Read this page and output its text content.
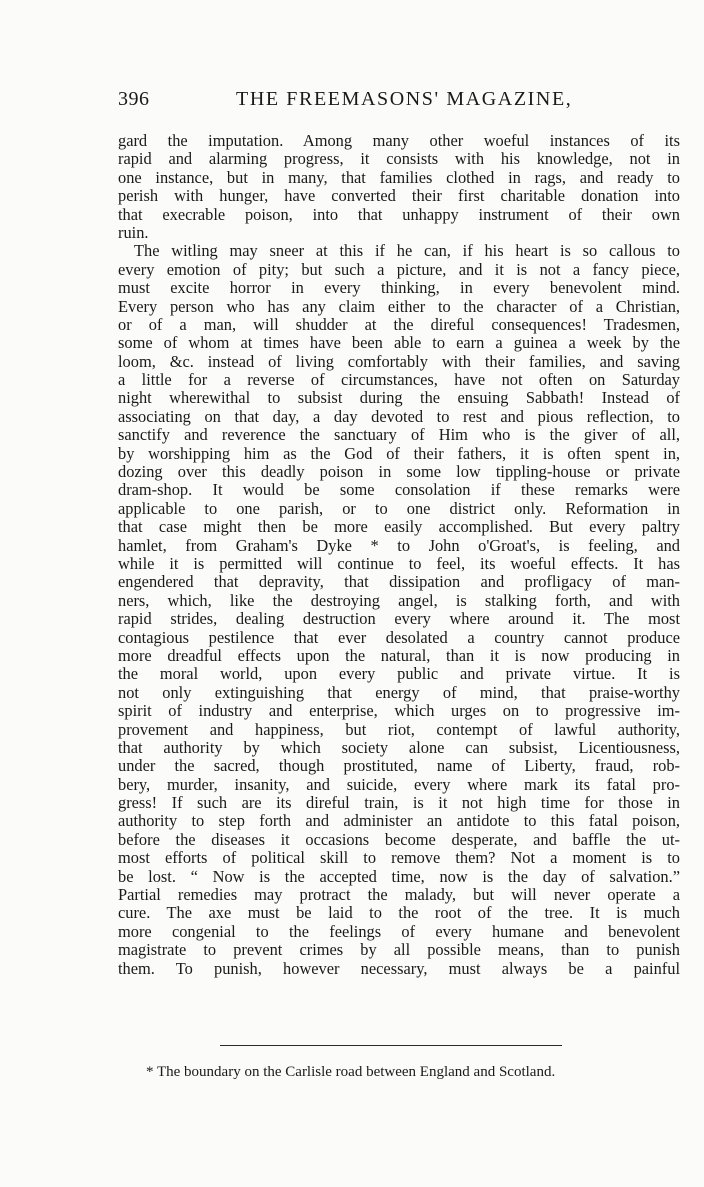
396	THE FREEMASONS' MAGAZINE,
gard the imputation. Among many other woeful instances of its
rapid and alarming progress, it consists with his knowledge, not in
one instance, but in many, that families clothed in rags, and ready to
perish with hunger, have converted their first charitable donation into
that execrable poison, into that unhappy instrument of their own
ruin.
The witling may sneer at this if he can, if his heart is so callous to
every emotion of pity; but such a picture, and it is not a fancy piece,
must excite horror in every thinking, in every benevolent mind.
Every person who has any claim either to the character of a Christian,
or of a man, will shudder at the direful consequences! Tradesmen,
some of whom at times have been able to earn a guinea a week by the
loom, &c. instead of living comfortably with their families, and saving
a little for a reverse of circumstances, have not often on Saturday
night wherewithal to subsist during the ensuing Sabbath! Instead of
associating on that day, a day devoted to rest and pious reflection, to
sanctify and reverence the sanctuary of Him who is the giver of all,
by worshipping him as the God of their fathers, it is often spent in,
dozing over this deadly poison in some low tippling-house or private
dram-shop. It would be some consolation if these remarks were
applicable to one parish, or to one district only. Reformation in
that case might then be more easily accomplished. But every paltry
hamlet, from Graham's Dyke * to John o'Groat's, is feeling, and
while it is permitted will continue to feel, its woeful effects. It has
engendered that depravity, that dissipation and profligacy of man-
ners, which, like the destroying angel, is stalking forth, and with
rapid strides, dealing destruction every where around it. The most
contagious pestilence that ever desolated a country cannot produce
more dreadful effects upon the natural, than it is now producing in
the moral world, upon every public and private virtue. It is
not only extinguishing that energy of mind, that praise-worthy
spirit of industry and enterprise, which urges on to progressive im-
provement and happiness, but riot, contempt of lawful authority,
that authority by which society alone can subsist, Licentiousness,
under the sacred, though prostituted, name of Liberty, fraud, rob-
bery, murder, insanity, and suicide, every where mark its fatal pro-
gress! If such are its direful train, is it not high time for those in
authority to step forth and administer an antidote to this fatal poison,
before the diseases it occasions become desperate, and baffle the ut-
most efforts of political skill to remove them? Not a moment is to
be lost. “ Now is the accepted time, now is the day of salvation.”
Partial remedies may protract the malady, but will never operate a
cure. The axe must be laid to the root of the tree. It is much
more congenial to the feelings of every humane and benevolent
magistrate to prevent crimes by all possible means, than to punish
them. To punish, however necessary, must always be a painful
* The boundary on the Carlisle road between England and Scotland.
